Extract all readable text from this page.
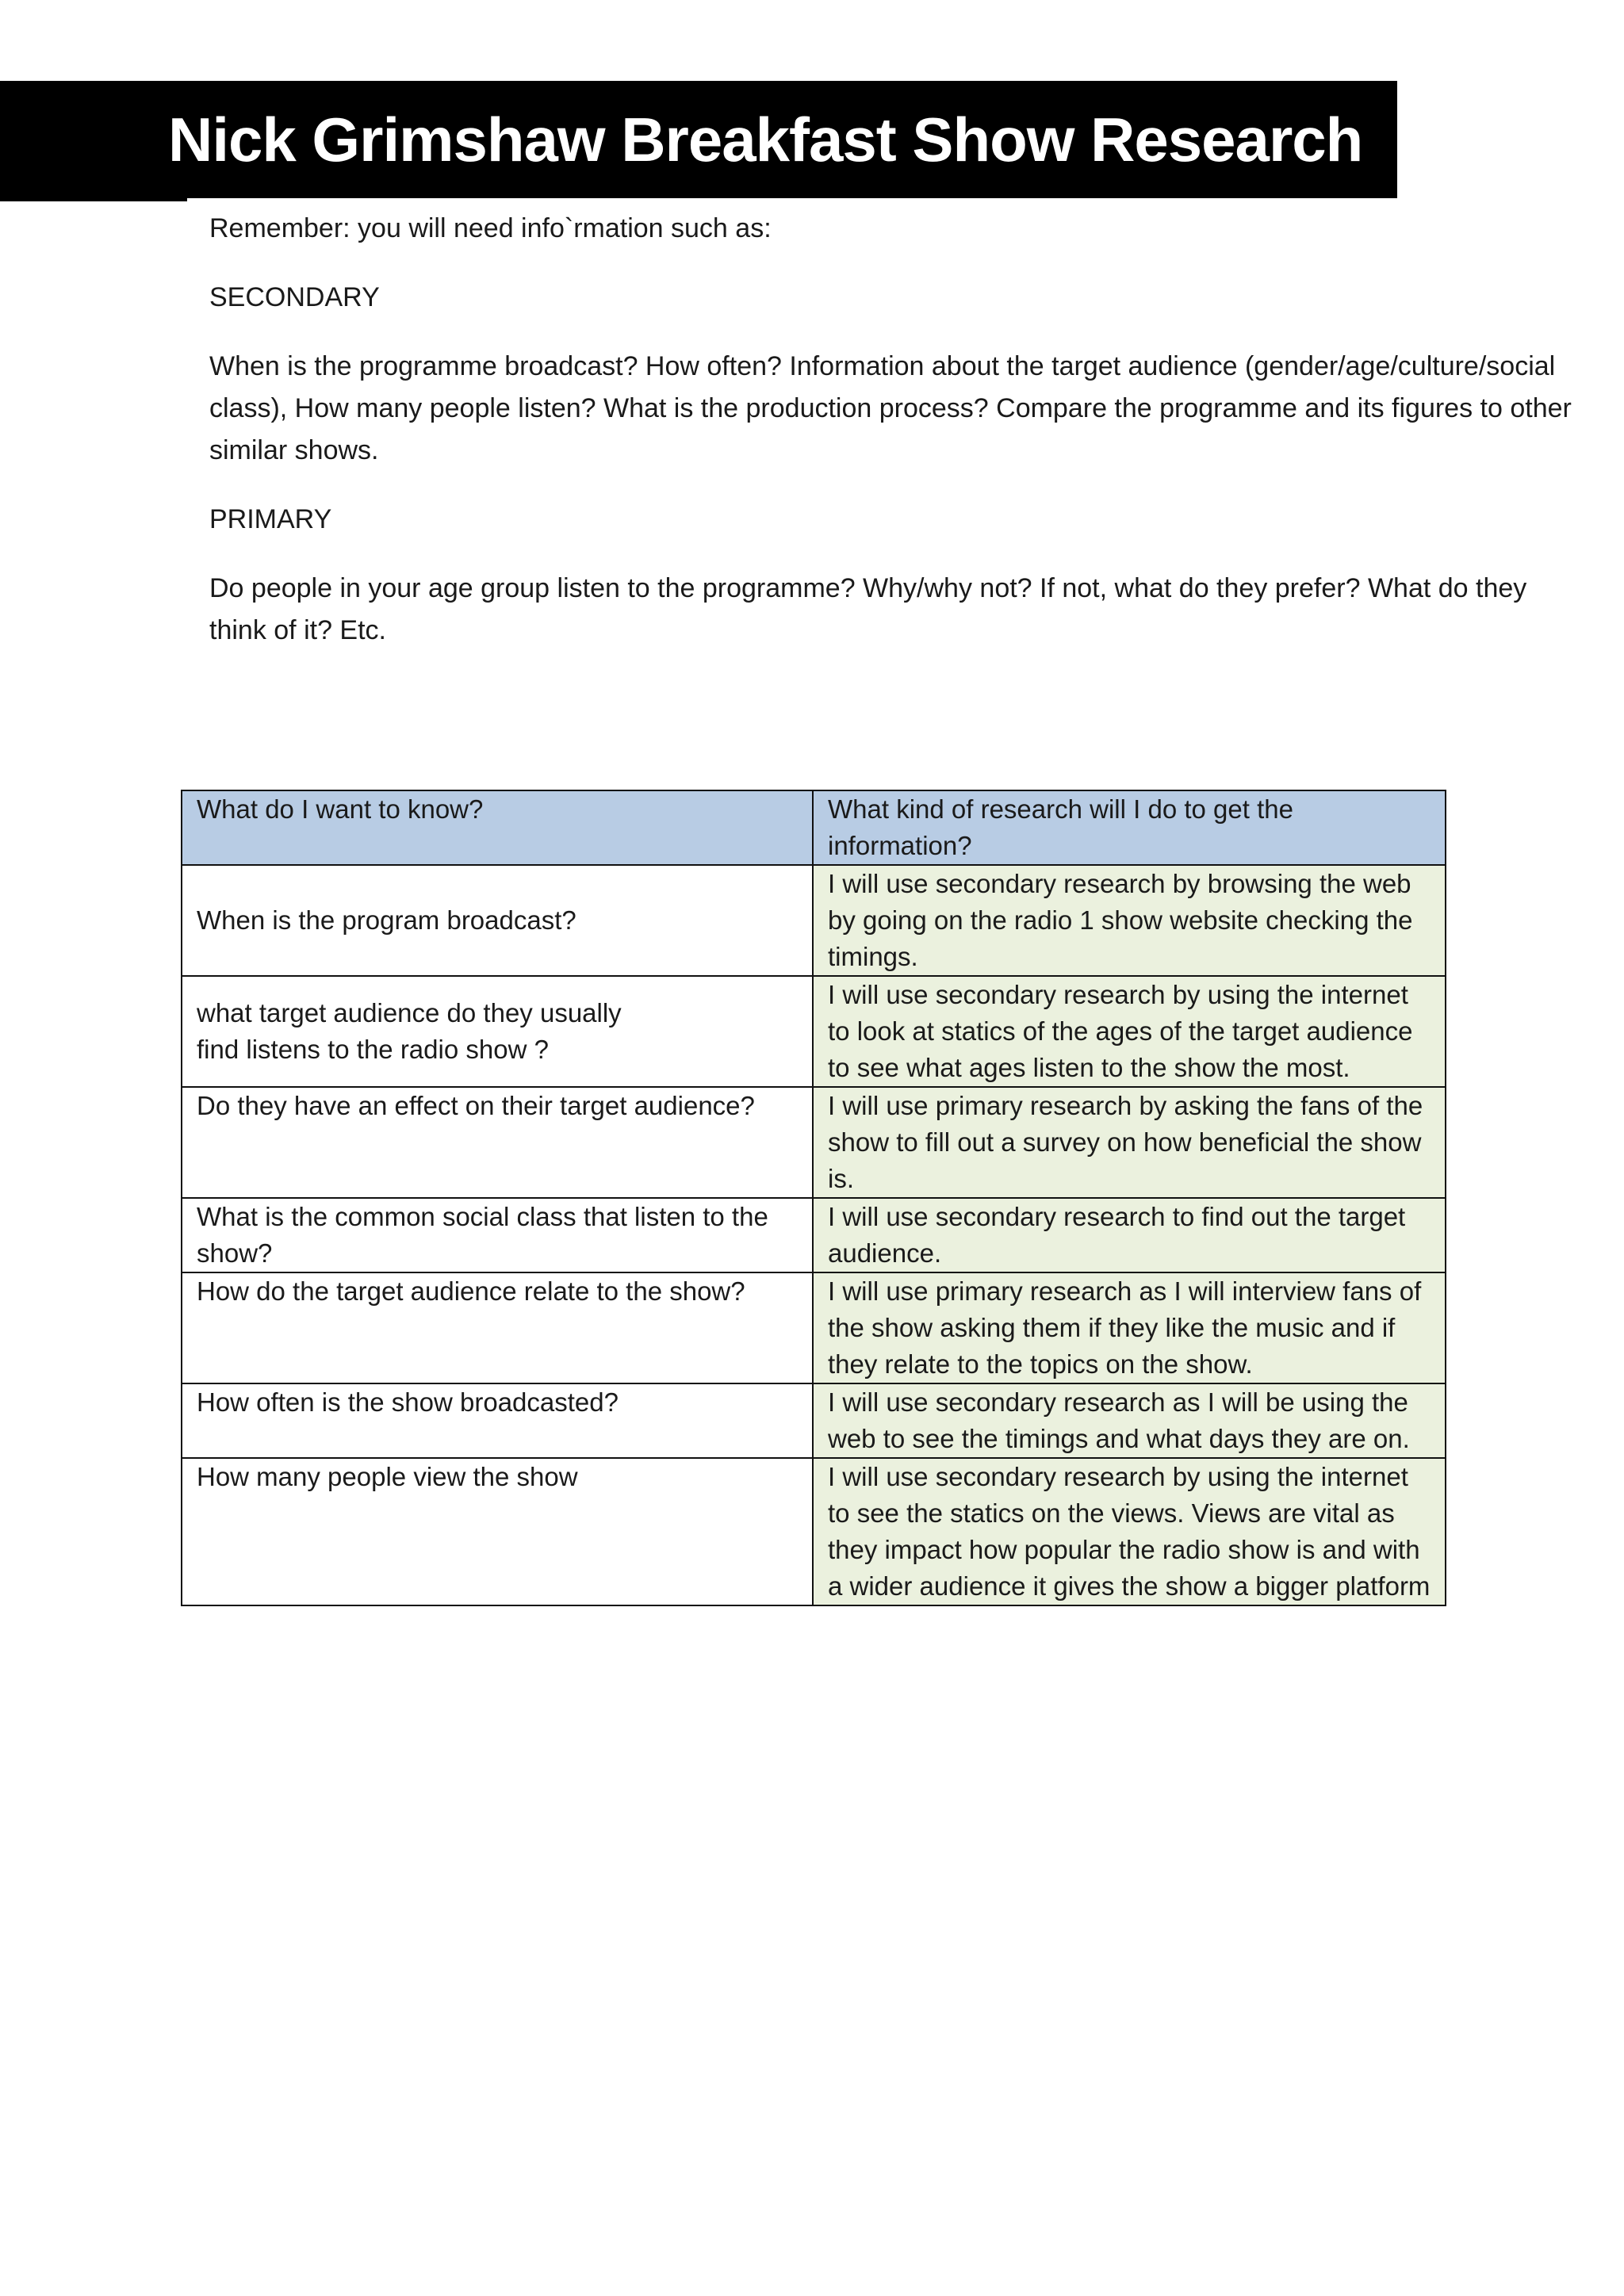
Nick Grimshaw Breakfast Show Research

Remember: you will need info`rmation such as:

SECONDARY

When is the programme broadcast? How often? Information about the target audience (gender/age/culture/social class), How many people listen? What is the production process? Compare the programme and its figures to other similar shows.

PRIMARY

Do people in your age group listen to the programme? Why/why not? If not, what do they prefer? What do they think of it? Etc.

What do I want to know?	What kind of research will I do to get the information?
When is the program broadcast?	I will use secondary research by browsing the web by going on the radio 1 show website checking the timings.
what target audience do they usually
find listens to the radio show ?	I will use secondary research by using the internet to look at statics of the ages of the target audience to see what ages listen to the show the most.
Do they have an effect on their target audience?	I will use primary research by asking the fans of the show to fill out a survey on how beneficial the show is.
What is the common social class that listen to the show?	I will use secondary research to find out the target audience.
How do the target audience relate to the show?	I will use primary research as I will interview fans of the show asking them if they like the music and if they relate to the topics on the show.
How often is the show broadcasted?	I will use secondary research as I will be using the web to see the timings and what days they are on.
How many people view the show	I will use secondary research by using the internet to see the statics on the views. Views are vital as they impact how popular the radio show is and with a wider audience it gives the show a bigger platform
